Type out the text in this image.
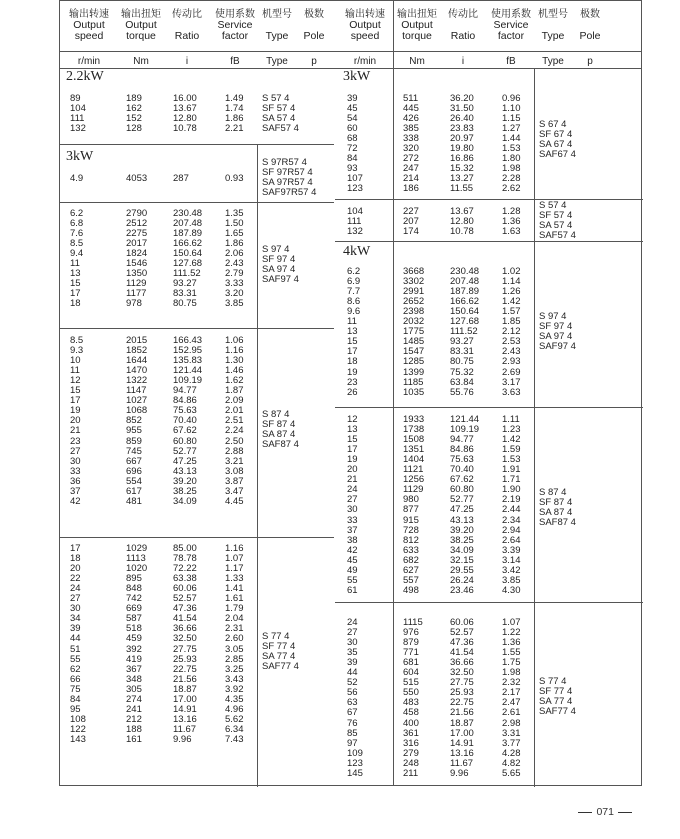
输出转速
Output
speed
输出扭矩
Output
torque
传动比
Ratio
使用系数
Service
factor
机型号
Type
极数
Pole
r/min	Nm	i	fB	Type	p
输出转速
Output
speed
输出扭矩
Output
torque
传动比
Ratio
使用系数
Service
factor
机型号
Type
极数
Pole
r/min	Nm	i	fB	Type	p
2.2kW
89	189	16.00	1.49
104	162	13.67	1.74
111	152	12.80	1.86
132	128	10.78	2.21
S 57 4
SF 57 4
SA 57 4
SAF57 4
3kW
4.9	4053	287	0.93
S 97R57 4
SF 97R57 4
SA 97R57 4
SAF97R57 4
6.2	2790	230.48 1.35
6.8	2512	207.48 1.50
7.6	2275	187.89 1.65
8.5	2017	166.62 1.86
9.4	1824	150.64 2.06
11	1546	127.68 2.43
13	1350	111.52	2.79
15	1129	93.27	3.33
17	1177	83.31	3.20
18	978	80.75	3.85
S 97 4
SF 97 4
SA 97 4
SAF97 4
8.5	2015	166.43 1.06
9.3	1852	152.95 1.16
10	1644	135.83 1.30
11	1470	121.44 1.46
12	1322	109.19 1.62
15	1147	94.77	1.87
17	1027	84.86	2.09
19	1068	75.63	2.01
20	852	70.40	2.51
21	955	67.62	2.24
23	859	60.80	2.50
27	745	52.77	2.88
30	667	47.25	3.21
33	696	43.13	3.08
36	554	39.20	3.87
37	617	38.25	3.47
42	481	34.09	4.45
S 87 4
SF 87 4
SA 87 4
SAF87 4
17	1029	85.00	1.16
18	1113	78.78	1.07
20	1020	72.22	1.17
22	895	63.38	1.33
24	848	60.06	1.41
27	742	52.57	1.61
30	669	47.36	1.79
34	587	41.54	2.04
39	518	36.66	2.31
44	459	32.50	2.60
51	392	27.75	3.05
55	419	25.93	2.85
62	367	22.75	3.25
66	348	21.56	3.43
75	305	18.87	3.92
84	274	17.00	4.35
95	241	14.91	4.96
108	212	13.16	5.62
122	188	11.67	6.34
143	161	9.96	7.43
S 77 4
SF 77 4
SA 77 4
SAF77 4
3kW
39	511	36.20	0.96
45	445	31.50	1.10
54	426	26.40	1.15
60	385	23.83	1.27
68	338	20.97	1.44
72	320	19.80	1.53
84	272	16.86	1.80
93	247	15.32	1.98
107	214	13.27	2.28
123	186	11.55	2.62
S 67 4
SF 67 4
SA 67 4
SAF67 4
104	227	13.67	1.28
111	207	12.80	1.36
132	174	10.78	1.63
S 57 4
SF 57 4
SA 57 4
SAF57 4
4kW
6.2	3668	230.48 1.02
6.9	3302	207.48 1.14
7.7	2991	187.89 1.26
8.6	2652	166.62 1.42
9.6	2398	150.64 1.57
11	2032	127.68 1.85
13	1775	111.52	2.12
15	1485	93.27	2.53
17	1547	83.31	2.43
18	1285	80.75	2.93
19	1399	75.32	2.69
23	1185	63.84	3.17
26	1035	55.76	3.63
S 97 4
SF 97 4
SA 97 4
SAF97 4
12	1933	121.44 1.11
13	1738	109.19 1.23
15	1508	94.77	1.42
17	1351	84.86	1.59
19	1404	75.63	1.53
20	1121	70.40	1.91
21	1256	67.62	1.71
24	1129	60.80	1.90
27	980	52.77	2.19
30	877	47.25	2.44
33	915	43.13	2.34
37	728	39.20	2.94
38	812	38.25	2.64
42	633	34.09	3.39
45	682	32.15	3.14
49	627	29.55	3.42
55	557	26.24	3.85
61	498	23.46	4.30
S 87 4
SF 87 4
SA 87 4
SAF87 4
24	1115	60.06	1.07
27	976	52.57	1.22
30	879	47.36	1.36
35	771	41.54	1.55
39	681	36.66	1.75
44	604	32.50	1.98
52	515	27.75	2.32
56	550	25.93	2.17
63	483	22.75	2.47
67	458	21.56	2.61
76	400	18.87	2.98
85	361	17.00	3.31
97	316	14.91	3.77
109	279	13.16	4.28
123	248	11.67	4.82
145	211	9.96	5.65
S 77 4
SF 77 4
SA 77 4
SAF77 4
071
